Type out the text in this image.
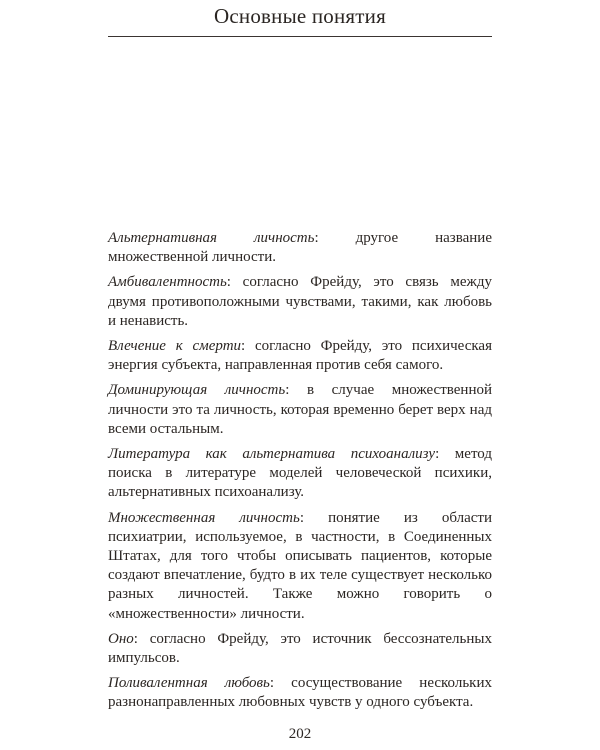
Основные понятия

Альтернативная личность: другое название множественной личности.

Амбивалентность: согласно Фрейду, это связь между двумя противоположными чувствами, такими, как любовь и ненависть.

Влечение к смерти: согласно Фрейду, это психическая энергия субъекта, направленная против себя самого.

Доминирующая личность: в случае множественной личности это та личность, которая временно берет верх над всеми остальным.

Литература как альтернатива психоанализу: метод поиска в литературе моделей человеческой психики, альтернативных психоанализу.

Множественная личность: понятие из области психиатрии, используемое, в частности, в Соединенных Штатах, для того чтобы описывать пациентов, которые создают впечатление, будто в их теле существует несколько разных личностей. Также можно говорить о «множественности» личности.

Оно: согласно Фрейду, это источник бессознательных импульсов.

Поливалентная любовь: сосуществование нескольких разнонаправленных любовных чувств у одного субъекта.

202
